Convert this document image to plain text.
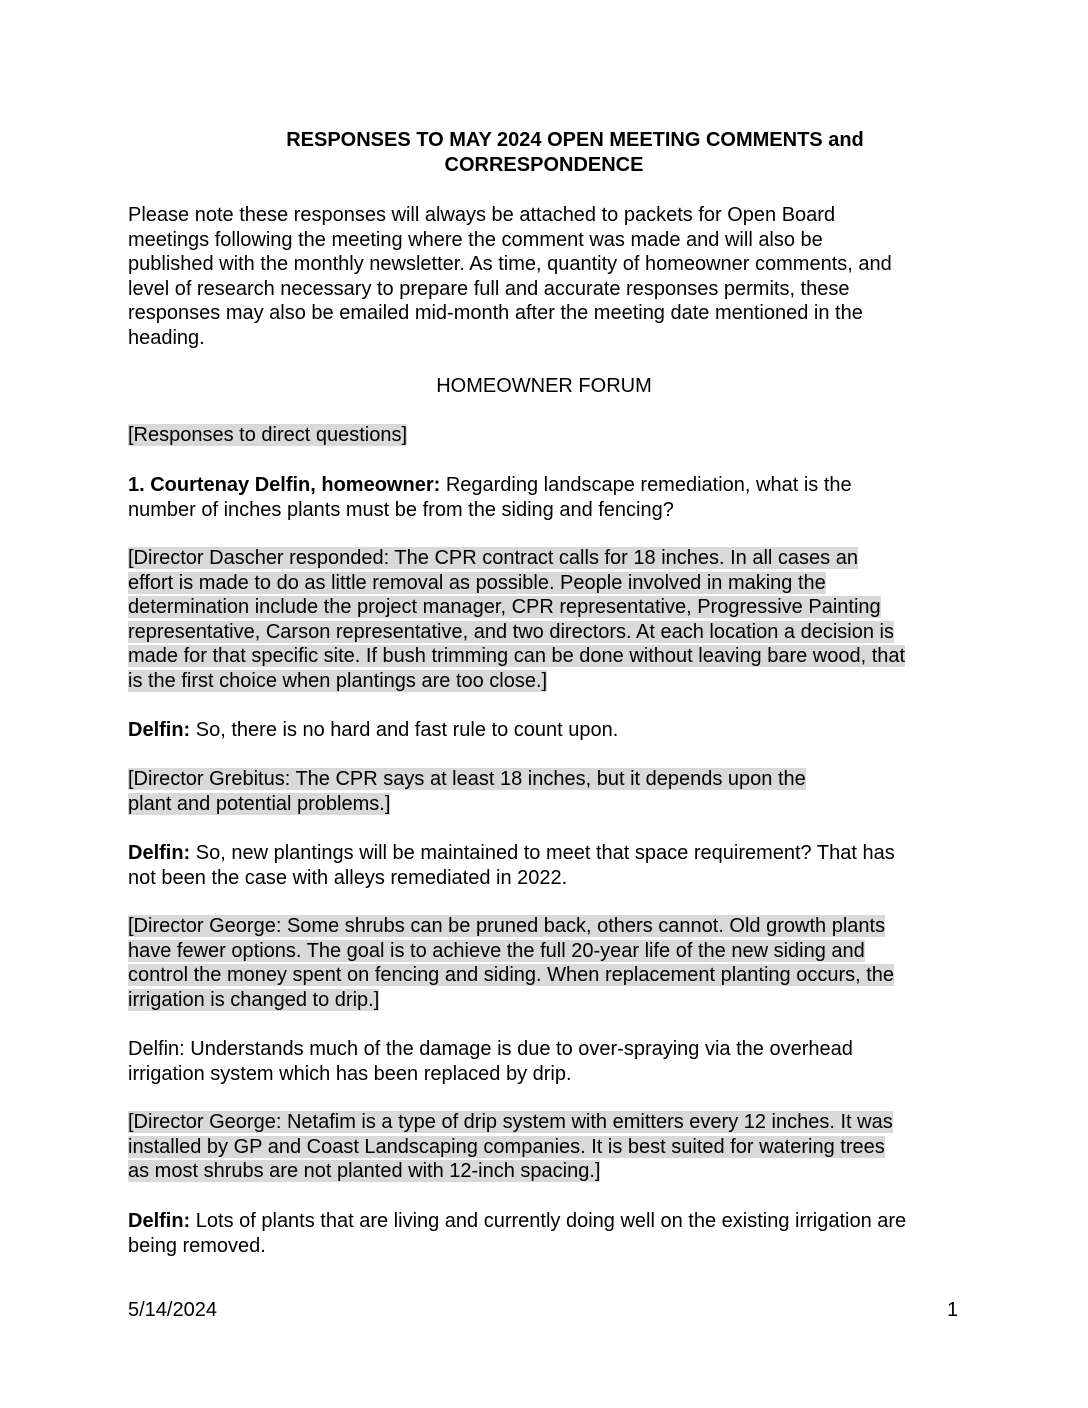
RESPONSES TO MAY 2024 OPEN MEETING COMMENTS and
CORRESPONDENCE
Please note these responses will always be attached to packets for Open Board
meetings following the meeting where the comment was made and will also be
published with the monthly newsletter. As time, quantity of homeowner comments, and
level of research necessary to prepare full and accurate responses permits, these
responses may also be emailed mid-month after the meeting date mentioned in the
heading.
HOMEOWNER FORUM
[Responses to direct questions]
1. Courtenay Delfin, homeowner: Regarding landscape remediation, what is the
number of inches plants must be from the siding and fencing?
[Director Dascher responded: The CPR contract calls for 18 inches. In all cases an
effort is made to do as little removal as possible. People involved in making the
determination include the project manager, CPR representative, Progressive Painting
representative, Carson representative, and two directors. At each location a decision is
made for that specific site. If bush trimming can be done without leaving bare wood, that
is the first choice when plantings are too close.]
Delfin: So, there is no hard and fast rule to count upon.
[Director Grebitus: The CPR says at least 18 inches, but it depends upon the
plant and potential problems.]
Delfin: So, new plantings will be maintained to meet that space requirement? That has
not been the case with alleys remediated in 2022.
[Director George: Some shrubs can be pruned back, others cannot. Old growth plants
have fewer options. The goal is to achieve the full 20-year life of the new siding and
control the money spent on fencing and siding. When replacement planting occurs, the
irrigation is changed to drip.]
Delfin: Understands much of the damage is due to over-spraying via the overhead
irrigation system which has been replaced by drip.
[Director George: Netafim is a type of drip system with emitters every 12 inches. It was
installed by GP and Coast Landscaping companies. It is best suited for watering trees
as most shrubs are not planted with 12-inch spacing.]
Delfin: Lots of plants that are living and currently doing well on the existing irrigation are
being removed.
5/14/2024	1
